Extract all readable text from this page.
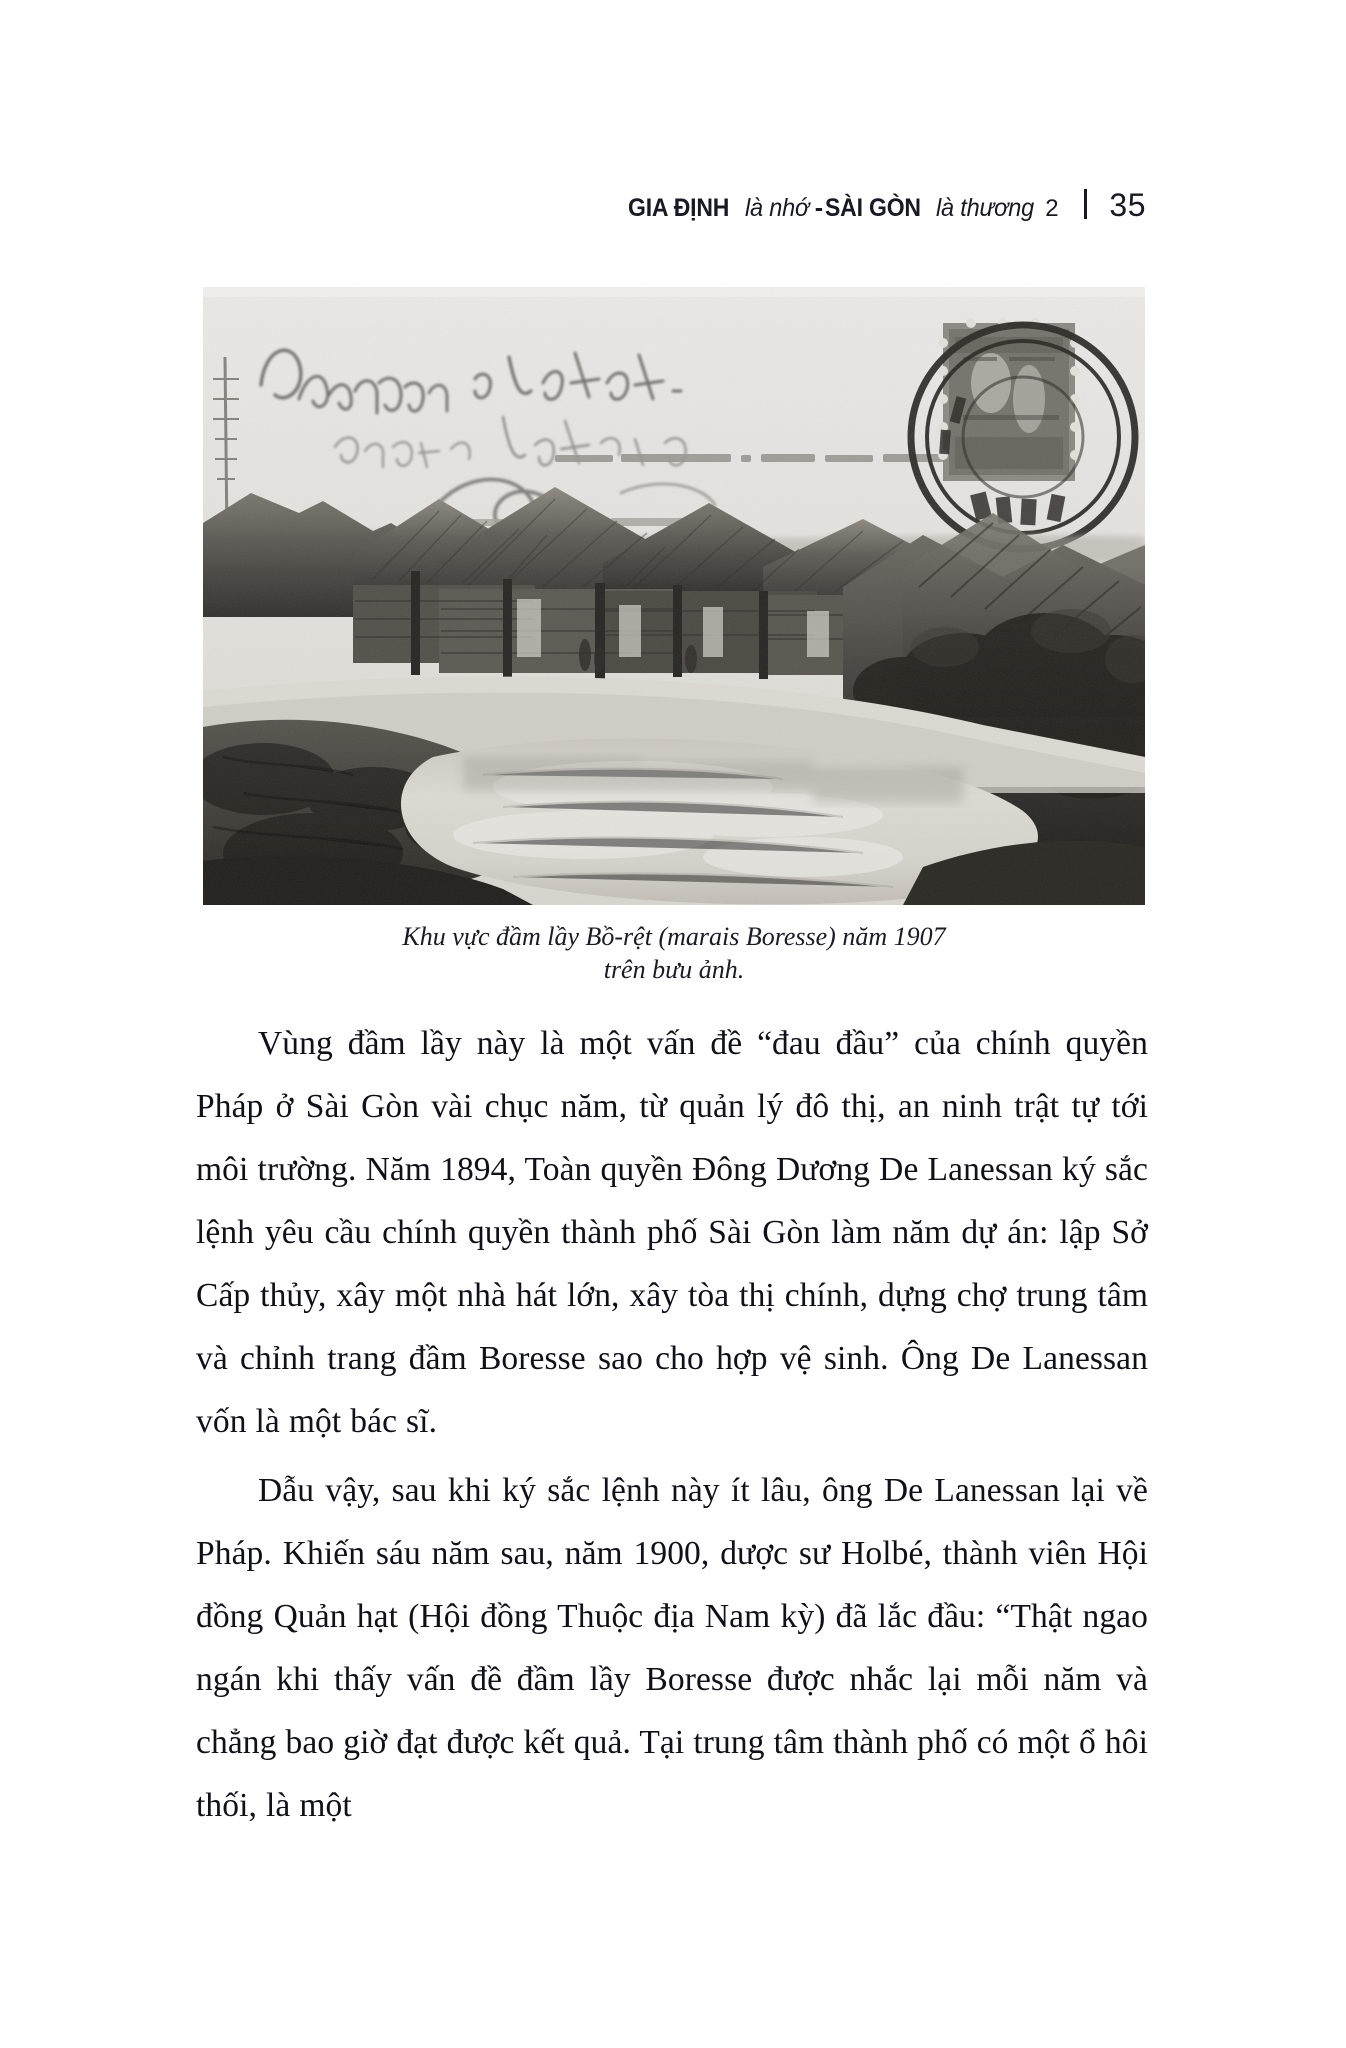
GIA ĐỊNH là nhớ - SÀI GÒN là thương 2 35
Khu vực đầm lầy Bồ-rệt (marais Boresse) năm 1907
trên bưu ảnh.

Vùng đầm lầy này là một vấn đề “đau đầu” của chính quyền Pháp ở Sài Gòn vài chục năm, từ quản lý đô thị, an ninh trật tự tới môi trường. Năm 1894, Toàn quyền Đông Dương De Lanessan ký sắc lệnh yêu cầu chính quyền thành phố Sài Gòn làm năm dự án: lập Sở Cấp thủy, xây một nhà hát lớn, xây tòa thị chính, dựng chợ trung tâm và chỉnh trang đầm Boresse sao cho hợp vệ sinh. Ông De Lanessan vốn là một bác sĩ.

Dẫu vậy, sau khi ký sắc lệnh này ít lâu, ông De Lanessan lại về Pháp. Khiến sáu năm sau, năm 1900, dược sư Holbé, thành viên Hội đồng Quản hạt (Hội đồng Thuộc địa Nam kỳ) đã lắc đầu: “Thật ngao ngán khi thấy vấn đề đầm lầy Boresse được nhắc lại mỗi năm và chẳng bao giờ đạt được kết quả. Tại trung tâm thành phố có một ổ hôi thối, là một
